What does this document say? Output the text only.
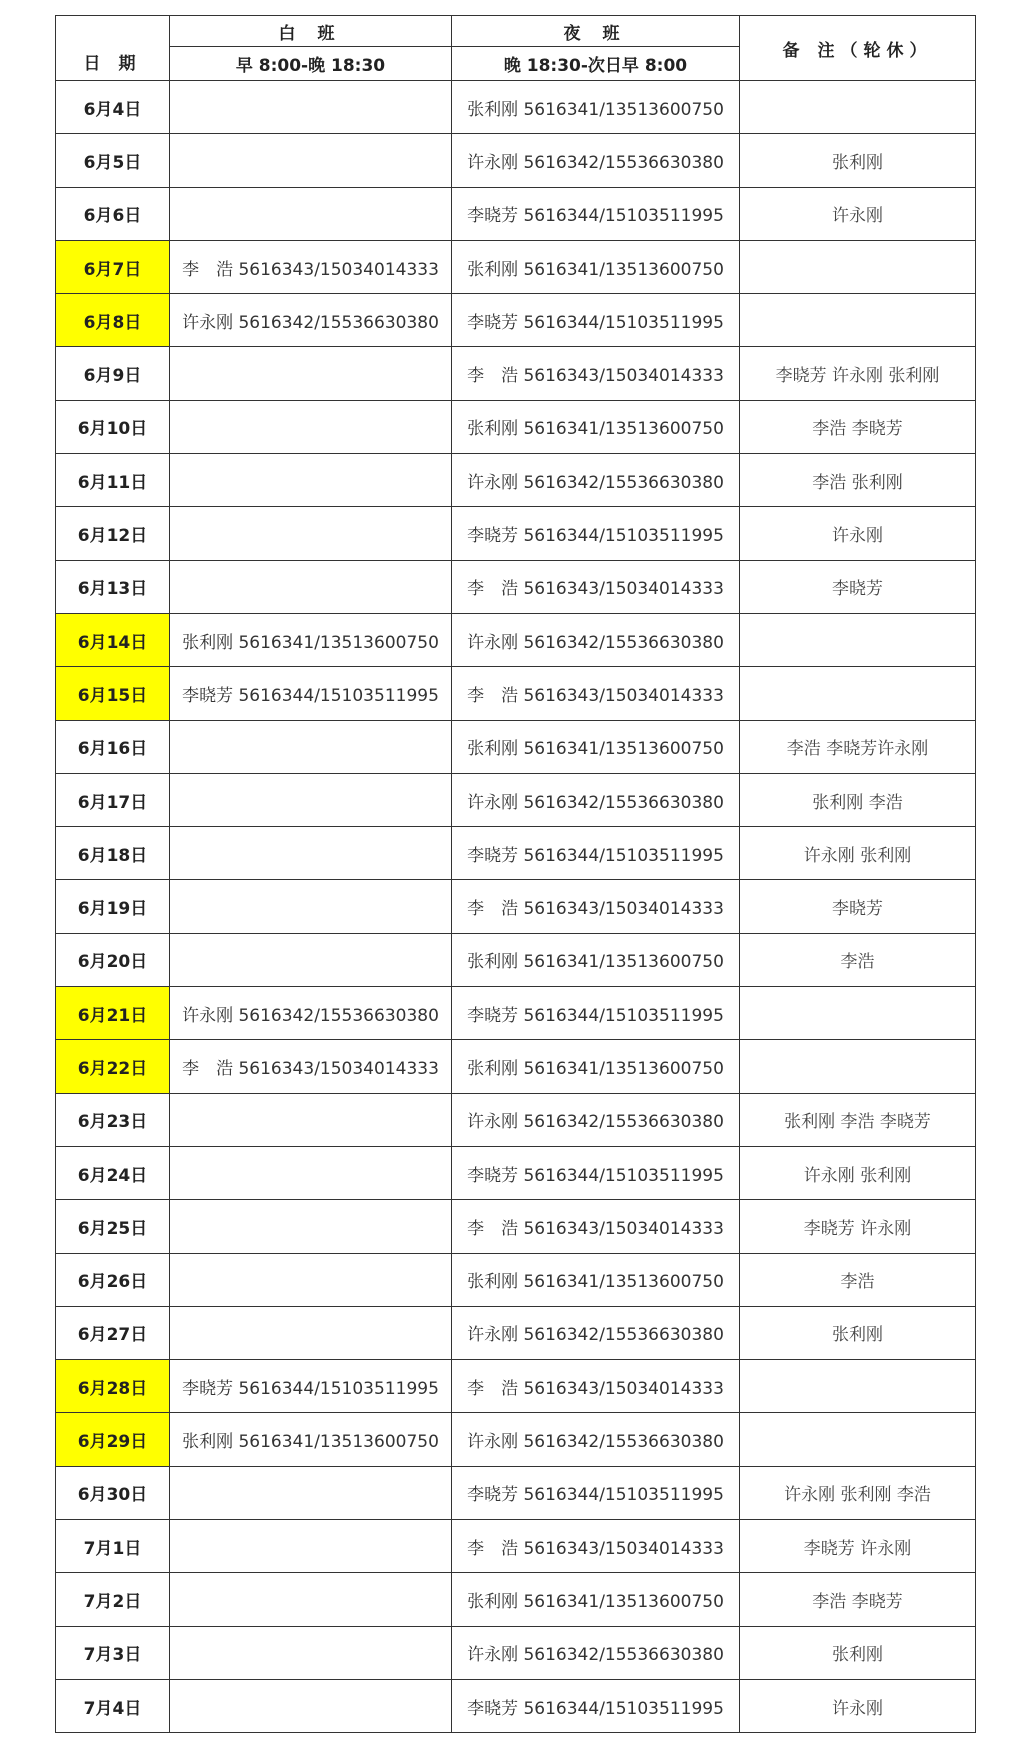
日 期	白 班	夜 班	备 注（轮休）
	早 8:00-晚 18:30	晚 18:30-次日早 8:00	
6月4日		张利刚 5616341/13513600750	
6月5日		许永刚 5616342/15536630380	张利刚
6月6日		李晓芳 5616344/15103511995	许永刚
6月7日	李　浩 5616343/15034014333	张利刚 5616341/13513600750	
6月8日	许永刚 5616342/15536630380	李晓芳 5616344/15103511995	
6月9日		李　浩 5616343/15034014333	李晓芳 许永刚 张利刚
6月10日		张利刚 5616341/13513600750	李浩 李晓芳
6月11日		许永刚 5616342/15536630380	李浩 张利刚
6月12日		李晓芳 5616344/15103511995	许永刚
6月13日		李　浩 5616343/15034014333	李晓芳
6月14日	张利刚 5616341/13513600750	许永刚 5616342/15536630380	
6月15日	李晓芳 5616344/15103511995	李　浩 5616343/15034014333	
6月16日		张利刚 5616341/13513600750	李浩 李晓芳许永刚
6月17日		许永刚 5616342/15536630380	张利刚 李浩
6月18日		李晓芳 5616344/15103511995	许永刚 张利刚
6月19日		李　浩 5616343/15034014333	李晓芳
6月20日		张利刚 5616341/13513600750	李浩
6月21日	许永刚 5616342/15536630380	李晓芳 5616344/15103511995	
6月22日	李　浩 5616343/15034014333	张利刚 5616341/13513600750	
6月23日		许永刚 5616342/15536630380	张利刚 李浩 李晓芳
6月24日		李晓芳 5616344/15103511995	许永刚 张利刚
6月25日		李　浩 5616343/15034014333	李晓芳 许永刚
6月26日		张利刚 5616341/13513600750	李浩
6月27日		许永刚 5616342/15536630380	张利刚
6月28日	李晓芳 5616344/15103511995	李　浩 5616343/15034014333	
6月29日	张利刚 5616341/13513600750	许永刚 5616342/15536630380	
6月30日		李晓芳 5616344/15103511995	许永刚 张利刚 李浩
7月1日		李　浩 5616343/15034014333	李晓芳 许永刚
7月2日		张利刚 5616341/13513600750	李浩 李晓芳
7月3日		许永刚 5616342/15536630380	张利刚
7月4日		李晓芳 5616344/15103511995	许永刚
